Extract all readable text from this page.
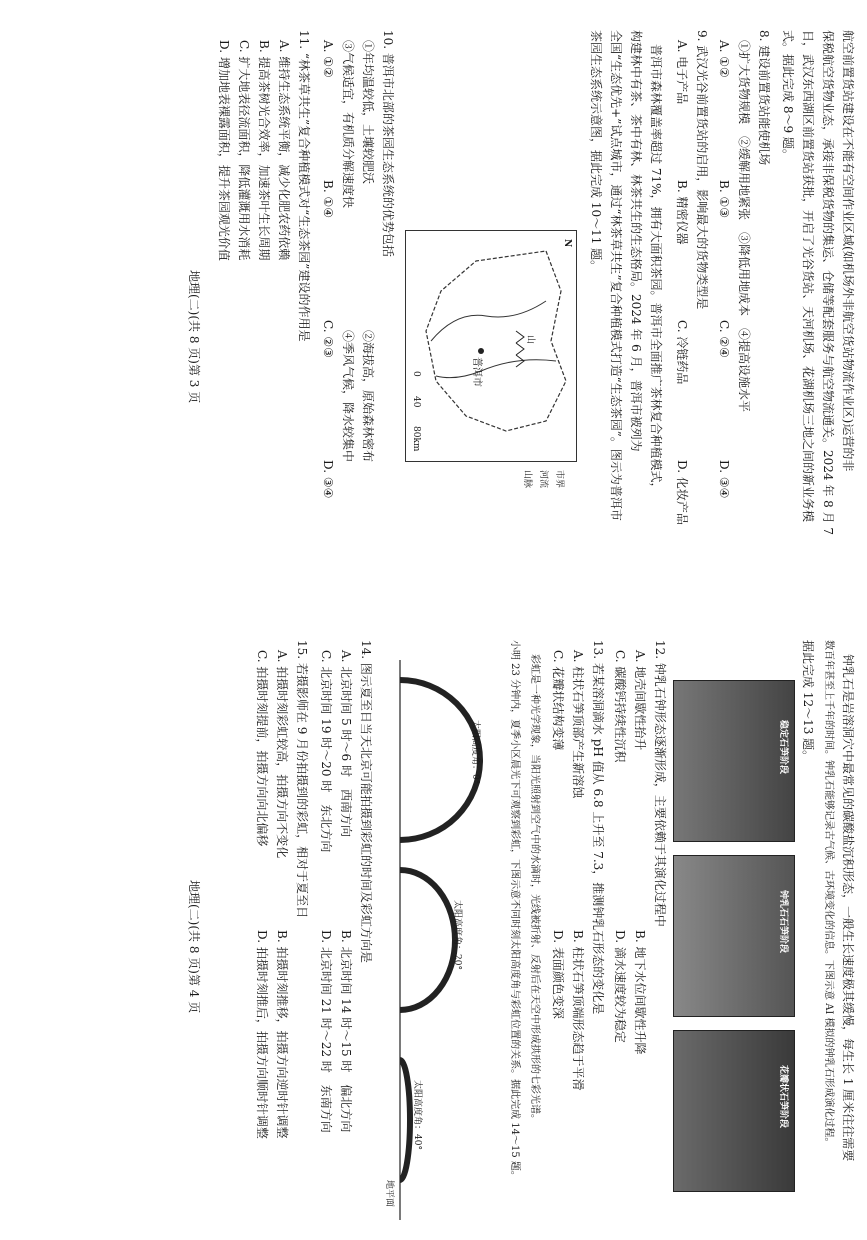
航空前置货站建设在不能有空间作业区域(如机场外非航空货站物流作业区)运营的非
保税航空货物业态，承接非保税货物的集运、仓储等配套服务与航空物流通关。2024 年 8 月 7
日，武汉东西湖区前置货站获批，开启了光谷货站、天河机场、花湖机场三地之间的新业务模
式。据此完成 8～9 题。
8. 建设前置货站能使机场
①扩大货物规模　②缓解用地紧张　③降低用地成本　④提高设施水平
A. ①②
B. ①③
C. ②④
D. ③④
9. 武汉光谷前置货站的启用，影响最大的货物类型是
A. 电子产品
B. 精密仪器
C. 冷链药品
D. 化妆产品
普洱市森林覆盖率超过 71%，拥有大面积茶园。普洱市全面推广茶林复合种植模式，
构建林中有茶、茶中有林、林茶共生的生态格局。2024 年 6 月，普洱市被列为
全国“生态优先+”试点城市，通过“林茶草共生”复合种植模式打造“生态茶园”。图示为普洱市
茶园生态系统示意图，据此完成 10～11 题。
N
普洱市
山
0
40
80km
市界
河流
山脉
10. 普洱市北部的茶园生态系统的优势包括
①年均温较低，土壤较肥沃
②海拔高，原始森林密布
③气候适宜，有机质分解速度快
④季风气候，降水较集中
A. ①②
B. ①④
C. ②③
D. ③④
11. “林茶草共生”复合种植模式对“生态茶园”建设的作用是
A. 维持生态系统平衡，减少化肥农药依赖
B. 提高茶树光合效率，加速茶叶生长周期
C. 扩大地表径流面积，降低灌溉用水消耗
D. 增加地表裸露面积，提升茶园观光价值
地理(二)(共 8 页)第 3 页
钟乳石是岩溶洞穴中最常见的碳酸盐沉积形态，一般生长速度极其缓慢，每生长 1 厘米往往需要
数百年甚至上千年的时间。钟乳石能够记录古气候、古环境变化的信息。下图示意 AI 模拟的钟乳石形成演化过程。
据此完成 12～13 题。
稳定石笋阶段
钟乳石石笋阶段
花瓣状石笋阶段
12. 钟乳石钟形态逐渐形成，主要依赖于其演化过程中
A. 地壳间歇性抬升
B. 地下水位间歇性升降
C. 碳酸钙持续性沉积
D. 滴水速度较为稳定
13. 若某溶洞滴水 pH 值从 6.8 上升至 7.3，推测钟乳石形态的变化是
A. 柱状石笋顶部产生新溶蚀
B. 柱状石笋顶端形态趋于平滑
C. 花瓣状结构变薄
D. 表面颜色变深
彩虹是一种光学现象，当阳光照射到空气中的水滴时，光线被折射、反射后在天空中形成拱形的七彩光谱。
小明 23 分钟内，夏季小区晨光下可观察到彩虹，下图示意不同时刻太阳高度角与彩虹位置的关系。据此完成 14～15 题。
太阳高度角：0°
太阳高度角：20°
太阳高度角：40°
地平面
14. 图示夏至日当天北京可能拍摄到彩虹的时间及彩虹方向是
A. 北京时间 5 时～6 时　西南方向
B. 北京时间 14 时～15 时　偏北方向
C. 北京时间 19 时～20 时　东北方向
D. 北京时间 21 时～22 时　东南方向
15. 若摄影师在 9 月份拍摄到的彩虹，相对于夏至日
A. 拍摄时刻彩虹较高，拍摄方向不变化
B. 拍摄时刻推移，拍摄方向逆时针调整
C. 拍摄时刻提前，拍摄方向向北偏移
D. 拍摄时刻推后，拍摄方向顺时针调整
地理(二)(共 8 页)第 4 页
